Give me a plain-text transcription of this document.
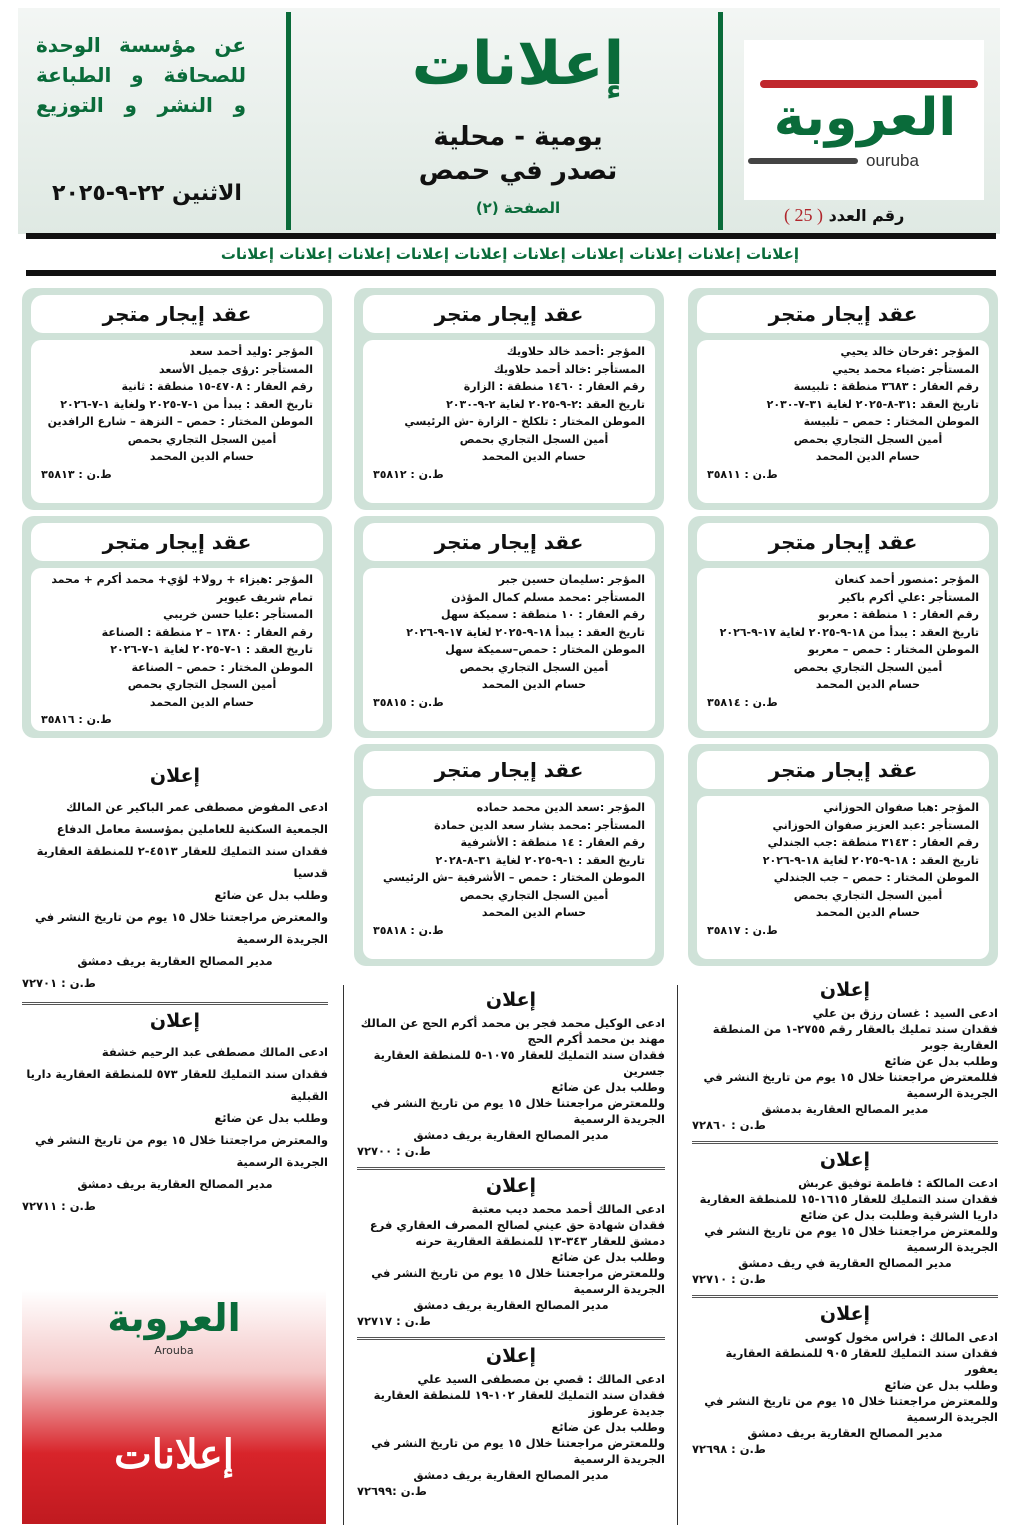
العروبة
ouruba
رقم العدد ( 25 )
إعلانات
يومية - محلية
تصدر في حمص
الصفحة (٢)
عن مؤسسة الوحدة
للصحافة و الطباعة
و النشر و التوزيع
الاثنين ٢٢-٩-٢٠٢٥
إعلانات إعلانات إعلانات إعلانات إعلانات إعلانات إعلانات إعلانات إعلانات إعلانات
عقد إيجار متجر
المؤجر :فرحان خالد يحيي
المستأجر :ضياء محمد يحيي
رقم العقار : ٣٦٨٣ منطقة : تلبيسة
تاريخ العقد :٣١-٨-٢٠٢٥ لغاية ٣١-٧-٢٠٣٠
الموطن المختار : حمص – تلبيسة
أمين السجل التجاري بحمص
حسام الدين المحمد
ط.ن : ٣٥٨١١
عقد إيجار متجر
المؤجر :أحمد خالد حلاويك
المستأجر :خالد أحمد حلاويك
رقم العقار : ١٤٦٠ منطقة : الزارة
تاريخ العقد :٢-٩-٢٠٢٥ لغاية ٢-٩-٢٠٣٠
الموطن المختار : تلكلخ - الزارة -ش الرئيسي
أمين السجل التجاري بحمص
حسام الدين المحمد
ط.ن : ٣٥٨١٢
عقد إيجار متجر
المؤجر :وليد أحمد سعد
المستأجر :رؤى جميل الأسعد
رقم العقار : ٤٧٠٨-١٥ منطقة : ثانية
تاريخ العقد : يبدأ من ١-٧-٢٠٢٥ ولغاية ١-٧-٢٠٢٦
الموطن المختار : حمص – النزهة – شارع الرافدين
أمين السجل التجاري بحمص
حسام الدين المحمد
ط.ن : ٣٥٨١٣
عقد إيجار متجر
المؤجر :منصور أحمد كنعان
المستأجر :علي أكرم باكير
رقم العقار : ١ منطقة : معربو
تاريخ العقد : يبدأ من ١٨-٩-٢٠٢٥ لغاية ١٧-٩-٢٠٢٦
الموطن المختار : حمص – معربو
أمين السجل التجاري بحمص
حسام الدين المحمد
ط.ن : ٣٥٨١٤
عقد إيجار متجر
المؤجر :سليمان حسين جبر
المستأجر :محمد مسلم كمال المؤذن
رقم العقار : ١٠ منطقة : سميكة سهل
تاريخ العقد : يبدأ ١٨-٩-٢٠٢٥ لغاية ١٧-٩-٢٠٢٦
الموطن المختار : حمص–سميكة سهل
أمين السجل التجاري بحمص
حسام الدين المحمد
ط.ن : ٣٥٨١٥
عقد إيجار متجر
المؤجر :هيزاء + رولا+ لؤي+ محمد أكرم + محمد تمام شريف عيوير
المستأجر :عليا حسن خريبي
رقم العقار : ١٣٨٠ – ٢ منطقة : الصناعة
تاريخ العقد : ١-٧-٢٠٢٥ لغاية ١-٧-٢٠٢٦
الموطن المختار : حمص – الصناعة
أمين السجل التجاري بحمص
حسام الدين المحمد
ط.ن : ٣٥٨١٦
عقد إيجار متجر
المؤجر :هبا صفوان الحوزاني
المستأجر :عبد العزيز صفوان الحوزاني
رقم العقار : ٣١٤٣ منطقة :جب الجندلي
تاريخ العقد : ١٨-٩-٢٠٢٥ لغاية ١٨-٩-٢٠٢٦
الموطن المختار : حمص – جب الجندلي
أمين السجل التجاري بحمص
حسام الدين المحمد
ط.ن : ٣٥٨١٧
عقد إيجار متجر
المؤجر :سعد الدين محمد حماده
المستأجر :محمد بشار سعد الدين حمادة
رقم العقار : ١٤ منطقة : الأشرفية
تاريخ العقد : ١-٩-٢٠٢٥ لغاية ٣١-٨-٢٠٢٨
الموطن المختار : حمص – الأشرفية –ش الرئيسي
أمين السجل التجاري بحمص
حسام الدين المحمد
ط.ن : ٣٥٨١٨
إعلان
ادعى المفوض مصطفى عمر الباكير عن المالك الجمعية السكنية للعاملين بمؤسسة معامل الدفاع
فقدان سند التمليك للعقار ٤٥١٣-٢ للمنطقة العقارية قدسيا
وطلب بدل عن ضائع
والمعترض مراجعتنا خلال ١٥ يوم من تاريخ النشر في الجريدة الرسمية
مدير المصالح العقارية بريف دمشق
ط.ن : ٧٢٧٠١
إعلان
ادعى المالك مصطفى عبد الرحيم خشفة
فقدان سند التمليك للعقار ٥٧٣ للمنطقة العقارية داريا القبلية
وطلب بدل عن ضائع
والمعترض مراجعتنا خلال ١٥ يوم من تاريخ النشر في الجريدة الرسمية
مدير المصالح العقارية بريف دمشق
ط.ن : ٧٢٧١١
إعلان
ادعى الوكيل محمد فجر بن محمد أكرم الحج عن المالك مهند بن محمد أكرم الحج
فقدان سند التمليك للعقار ١٠٧٥-٥ للمنطقة العقارية جسرين
وطلب بدل عن ضائع
وللمعترض مراجعتنا خلال ١٥ يوم من تاريخ النشر في الجريدة الرسمية
مدير المصالح العقارية بريف دمشق
ط.ن : ٧٢٧٠٠
إعلان
ادعى المالك أحمد محمد ديب معتبة
فقدان شهادة حق عيني لصالح المصرف العقاري فرع دمشق للعقار ٣٤٣-١٣ للمنطقة العقارية حرنه
وطلب بدل عن ضائع
وللمعترض مراجعتنا خلال ١٥ يوم من تاريخ النشر في الجريدة الرسمية
مدير المصالح العقارية بريف دمشق
ط.ن : ٧٢٧١٧
إعلان
ادعى المالك : قصي بن مصطفى السيد علي
فقدان سند التمليك للعقار ١٠٢-١٩ للمنطقة العقارية جديدة عرطوز
وطلب بدل عن ضائع
وللمعترض مراجعتنا خلال ١٥ يوم من تاريخ النشر في الجريدة الرسمية
مدير المصالح العقارية بريف دمشق
ط.ن :٧٢٦٩٩
إعلان
ادعى السيد : غسان رزق بن علي
فقدان سند تمليك بالعقار رقم ٢٧٥٥-١ من المنطقة العقارية جوبر
وطلب بدل عن ضائع
فللمعترض مراجعتنا خلال ١٥ يوم من تاريخ النشر في الجريدة الرسمية
مدير المصالح العقارية بدمشق
ط.ن : ٧٢٨٦٠
إعلان
ادعت المالكة : فاطمة توفيق عربش
فقدان سند التمليك للعقار ١٦١٥-١٥ للمنطقة العقارية داريا الشرقية وطلبت بدل عن ضائع
وللمعترض مراجعتنا خلال ١٥ يوم من تاريخ النشر في الجريدة الرسمية
مدير المصالح العقارية في ريف دمشق
ط.ن : ٧٢٧١٠
إعلان
ادعى المالك : فراس مخول كوسى
فقدان سند التمليك للعقار ٩٠٥ للمنطقة العقارية يعفور
وطلب بدل عن ضائع
وللمعترض مراجعتنا خلال ١٥ يوم من تاريخ النشر في الجريدة الرسمية
مدير المصالح العقارية بريف دمشق
ط.ن : ٧٢٦٩٨
العروبة
Arouba
إعلانات
